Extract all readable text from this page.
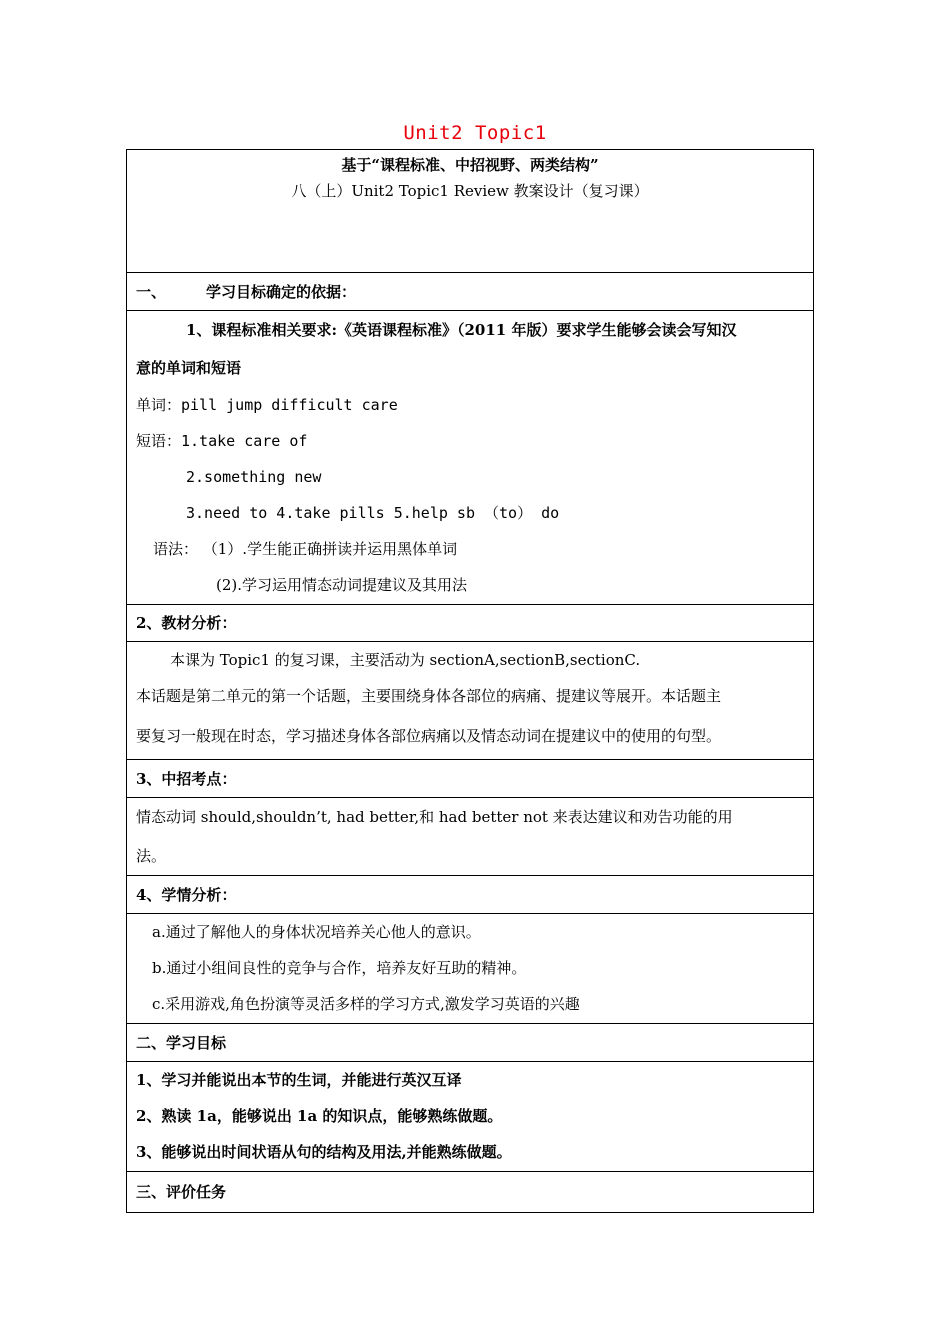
Unit2 Topic1
基于“课程标准、中招视野、两类结构”
八（上）Unit2 Topic1 Review 教案设计（复习课）
一、	学习目标确定的依据：
1、课程标准相关要求:《英语课程标准》（2011 年版）要求学生能够会读会写知汉
意的单词和短语
单词：pill jump difficult care
短语：1.take care of
2.something new
3.need to 4.take pills 5.help sb （to） do
语法： （1）.学生能正确拼读并运用黑体单词
(2).学习运用情态动词提建议及其用法
2、教材分析：
本课为 Topic1 的复习课，主要活动为 sectionA,sectionB,sectionC.
本话题是第二单元的第一个话题，主要围绕身体各部位的病痛、提建议等展开。本话题主
要复习一般现在时态，学习描述身体各部位病痛以及情态动词在提建议中的使用的句型。
3、中招考点：
情态动词 should,shouldn’t, had better,和 had better not 来表达建议和劝告功能的用
法。
4、学情分析：
a.通过了解他人的身体状况培养关心他人的意识。
b.通过小组间良性的竞争与合作，培养友好互助的精神。
c.采用游戏,角色扮演等灵活多样的学习方式,激发学习英语的兴趣
二、学习目标
1、学习并能说出本节的生词，并能进行英汉互译
2、熟读 1a，能够说出 1a 的知识点，能够熟练做题。
3、能够说出时间状语从句的结构及用法,并能熟练做题。
三、评价任务
